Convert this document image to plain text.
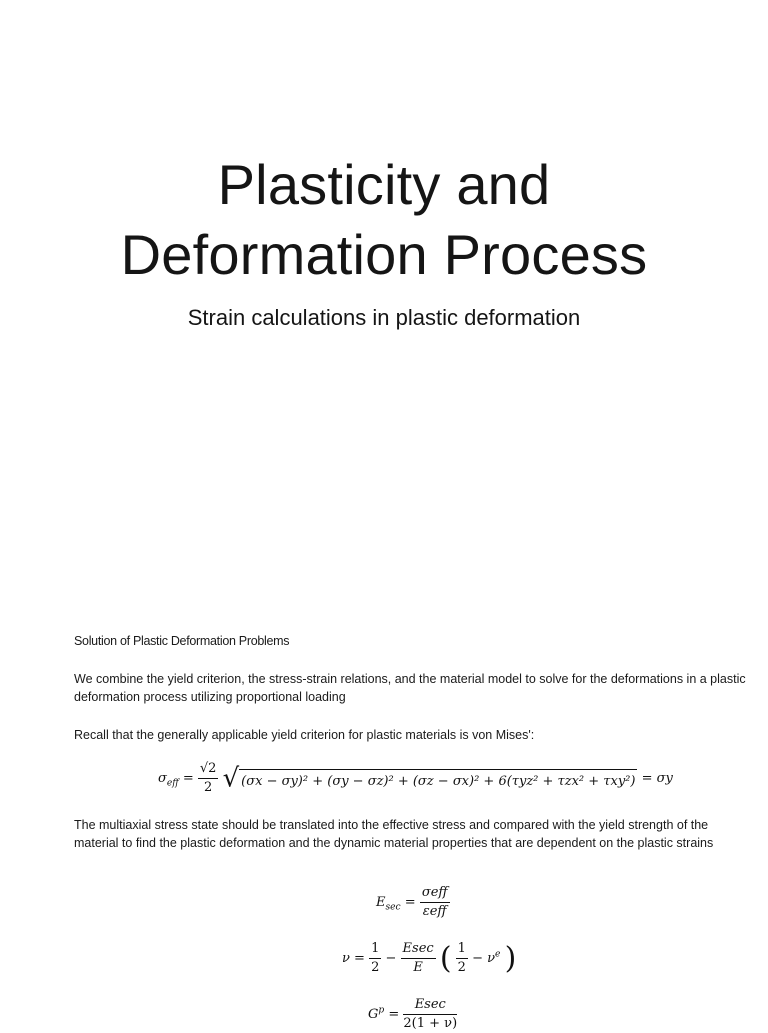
Plasticity and
Deformation Process
Strain calculations in plastic deformation

Solution of Plastic Deformation Problems

We combine the yield criterion, the stress-strain relations, and the material model to solve for the deformations in a plastic deformation process utilizing proportional loading

Recall that the generally applicable yield criterion for plastic materials is von Mises':

The multiaxial stress state should be translated into the effective stress and compared with the yield strength of the material to find the plastic deformation and the dynamic material properties that are dependent on the plastic strains

$\sigma_{eff} = \frac{√2}{2}$ √ (σx − σy)² + (σy − σz)² + (σz − σx)² + 6(τyz² + τzx² + τxy²) = σy
$E_{sec} = \frac{\text{σeff}}{\text{εeff}}$
$\nu = \frac{1}{2} - \frac{Esec}{E}$ ( $\frac{1}{2} - \nu^e$ )
$G^p = \frac{Esec}{2(1 + \nu)}$
